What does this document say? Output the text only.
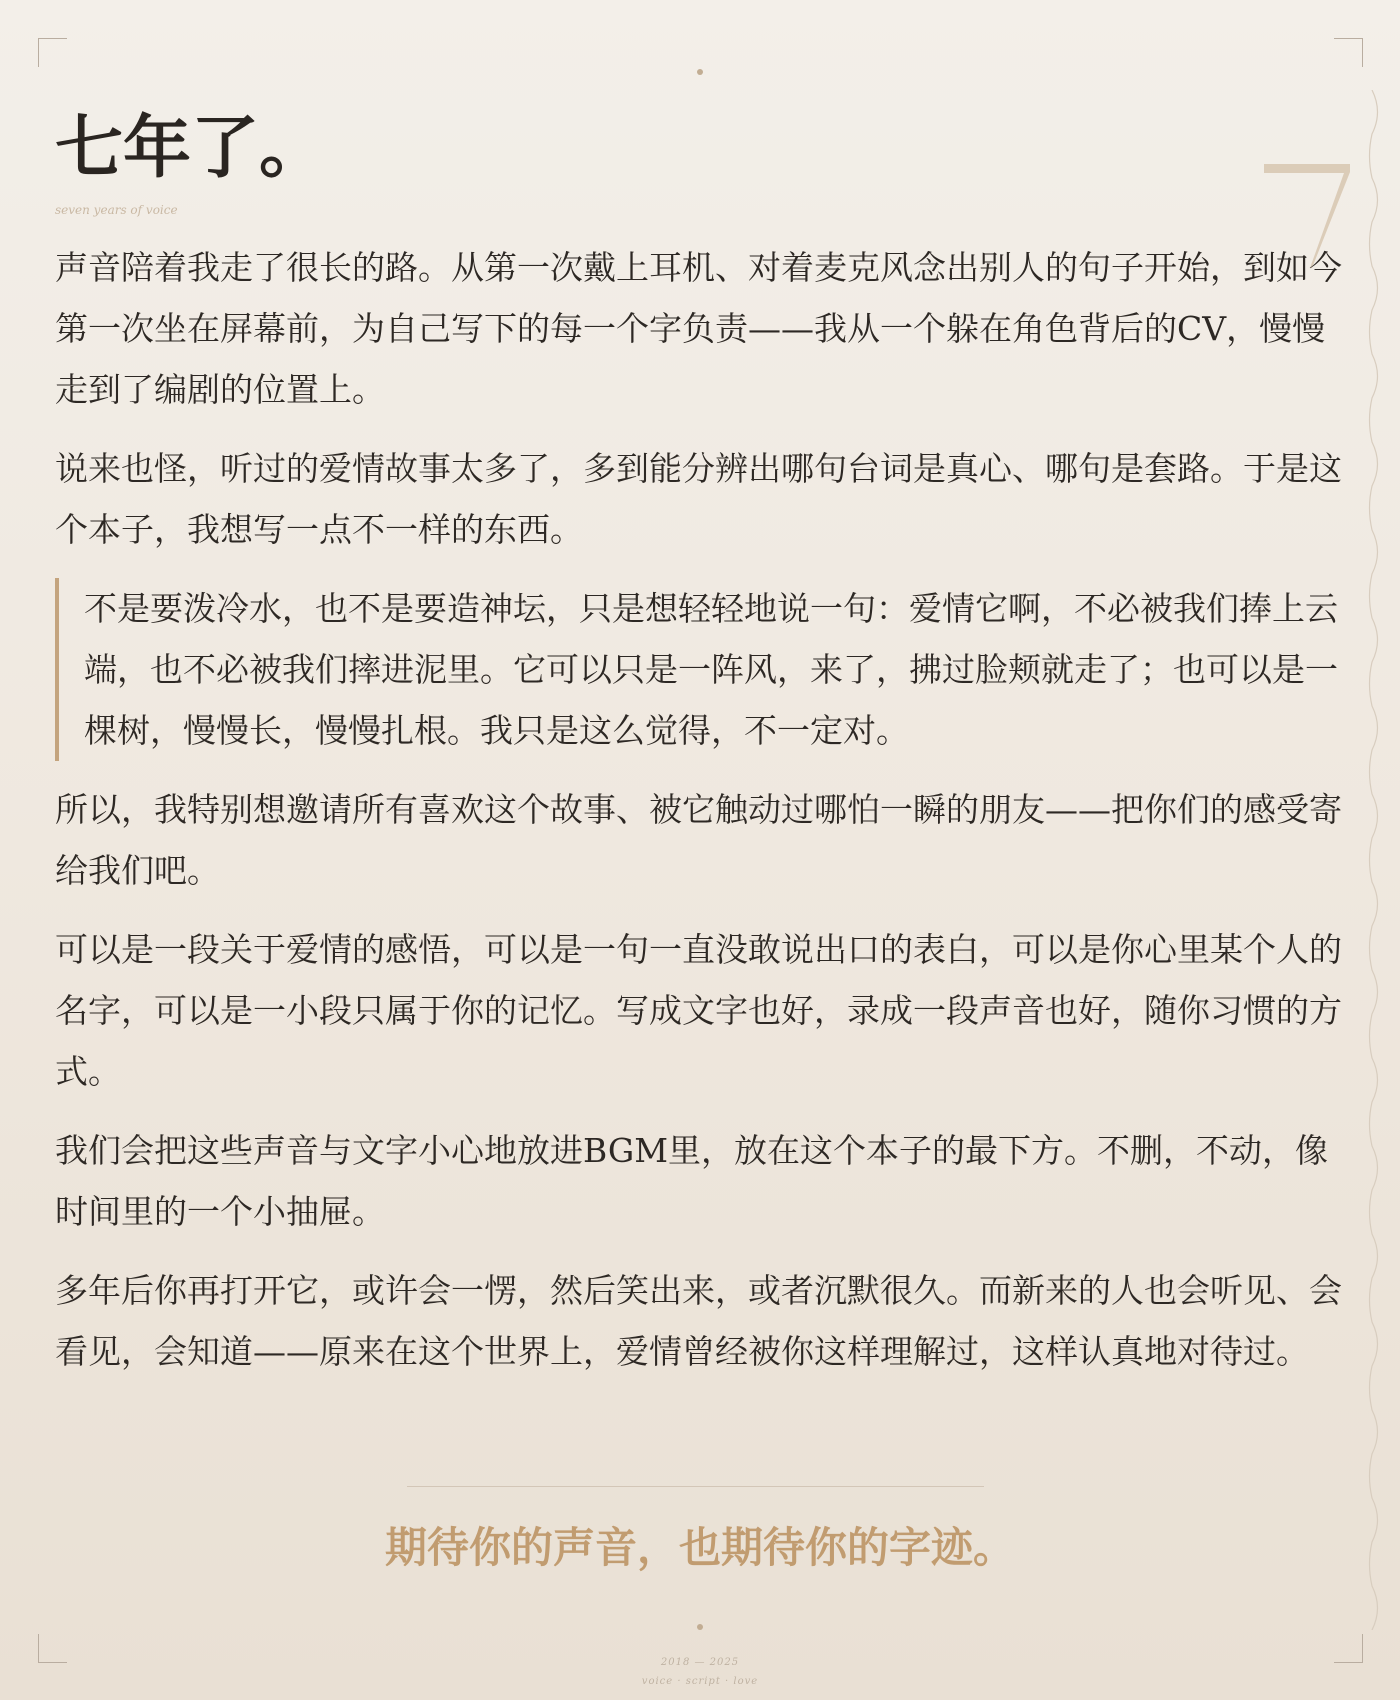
七年了。
seven years of voice

声音陪着我走了很长的路。从第一次戴上耳机、对着麦克风念出别人的句子开始，到如今第一次坐在屏幕前，为自己写下的每一个字负责——我从一个躲在角色背后的CV，慢慢走到了编剧的位置上。

说来也怪，听过的爱情故事太多了，多到能分辨出哪句台词是真心、哪句是套路。于是这个本子，我想写一点不一样的东西。

不是要泼冷水，也不是要造神坛，只是想轻轻地说一句：爱情它啊，不必被我们捧上云端，也不必被我们摔进泥里。它可以只是一阵风，来了，拂过脸颊就走了；也可以是一棵树，慢慢长，慢慢扎根。我只是这么觉得，不一定对。

所以，我特别想邀请所有喜欢这个故事、被它触动过哪怕一瞬的朋友——把你们的感受寄给我们吧。

可以是一段关于爱情的感悟，可以是一句一直没敢说出口的表白，可以是你心里某个人的名字，可以是一小段只属于你的记忆。写成文字也好，录成一段声音也好，随你习惯的方式。

我们会把这些声音与文字小心地放进BGM里，放在这个本子的最下方。不删，不动，像时间里的一个小抽屉。

多年后你再打开它，或许会一愣，然后笑出来，或者沉默很久。而新来的人也会听见、会看见，会知道——原来在这个世界上，爱情曾经被你这样理解过，这样认真地对待过。

期待你的声音，也期待你的字迹。
2018 — 2025
voice · script · love
